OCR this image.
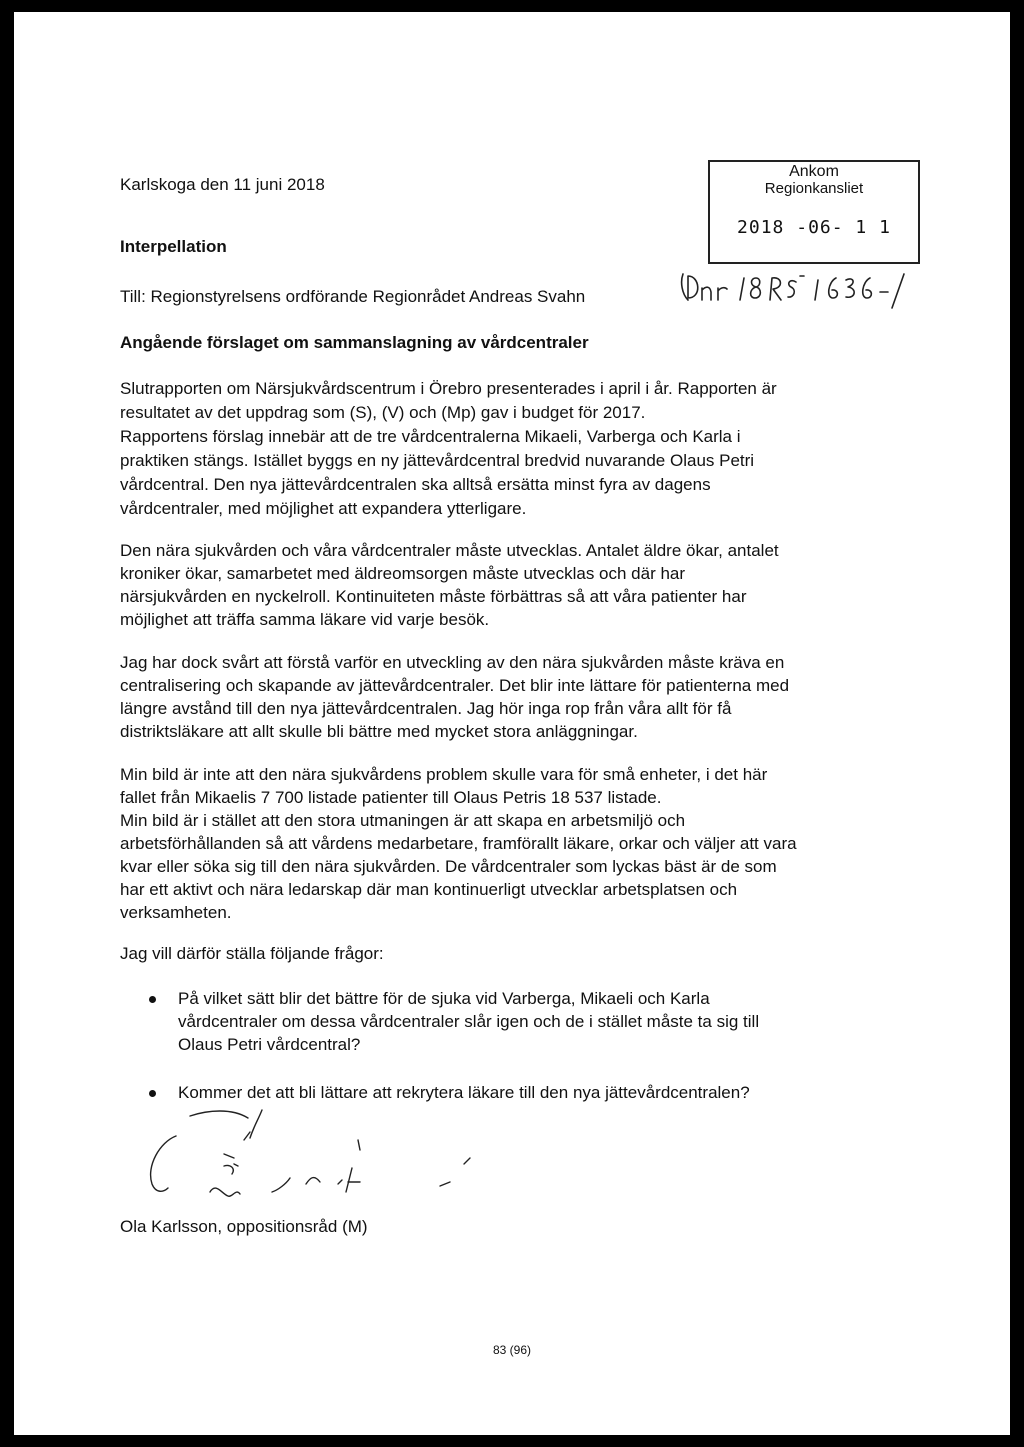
Karlskoga den 11 juni 2018
Interpellation
Till: Regionstyrelsens ordförande Regionrådet Andreas Svahn
Angående förslaget om sammanslagning av vårdcentraler
Ankom
Regionkansliet
2018 -06- 1 1
Slutrapporten om Närsjukvårdscentrum i Örebro presenterades i april i år. Rapporten är
resultatet av det uppdrag som (S), (V) och (Mp) gav i budget för 2017.
Rapportens förslag innebär att de tre vårdcentralerna Mikaeli, Varberga och Karla i
praktiken stängs. Istället byggs en ny jättevårdcentral bredvid nuvarande Olaus Petri
vårdcentral. Den nya jättevårdcentralen ska alltså ersätta minst fyra av dagens
vårdcentraler, med möjlighet att expandera ytterligare.
Den nära sjukvården och våra vårdcentraler måste utvecklas. Antalet äldre ökar, antalet
kroniker ökar, samarbetet med äldreomsorgen måste utvecklas och där har
närsjukvården en nyckelroll. Kontinuiteten måste förbättras så att våra patienter har
möjlighet att träffa samma läkare vid varje besök.
Jag har dock svårt att förstå varför en utveckling av den nära sjukvården måste kräva en
centralisering och skapande av jättevårdcentraler. Det blir inte lättare för patienterna med
längre avstånd till den nya jättevårdcentralen. Jag hör inga rop från våra allt för få
distriktsläkare att allt skulle bli bättre med mycket stora anläggningar.
Min bild är inte att den nära sjukvårdens problem skulle vara för små enheter, i det här
fallet från Mikaelis 7 700 listade patienter till Olaus Petris 18 537 listade.
Min bild är i stället att den stora utmaningen är att skapa en arbetsmiljö och
arbetsförhållanden så att vårdens medarbetare, framförallt läkare, orkar och väljer att vara
kvar eller söka sig till den nära sjukvården. De vårdcentraler som lyckas bäst är de som
har ett aktivt och nära ledarskap där man kontinuerligt utvecklar arbetsplatsen och
verksamheten.
Jag vill därför ställa följande frågor:
På vilket sätt blir det bättre för de sjuka vid Varberga, Mikaeli och Karla
vårdcentraler om dessa vårdcentraler slår igen och de i stället måste ta sig till
Olaus Petri vårdcentral?
Kommer det att bli lättare att rekrytera läkare till den nya jättevårdcentralen?
Ola Karlsson, oppositionsråd (M)
83 (96)
